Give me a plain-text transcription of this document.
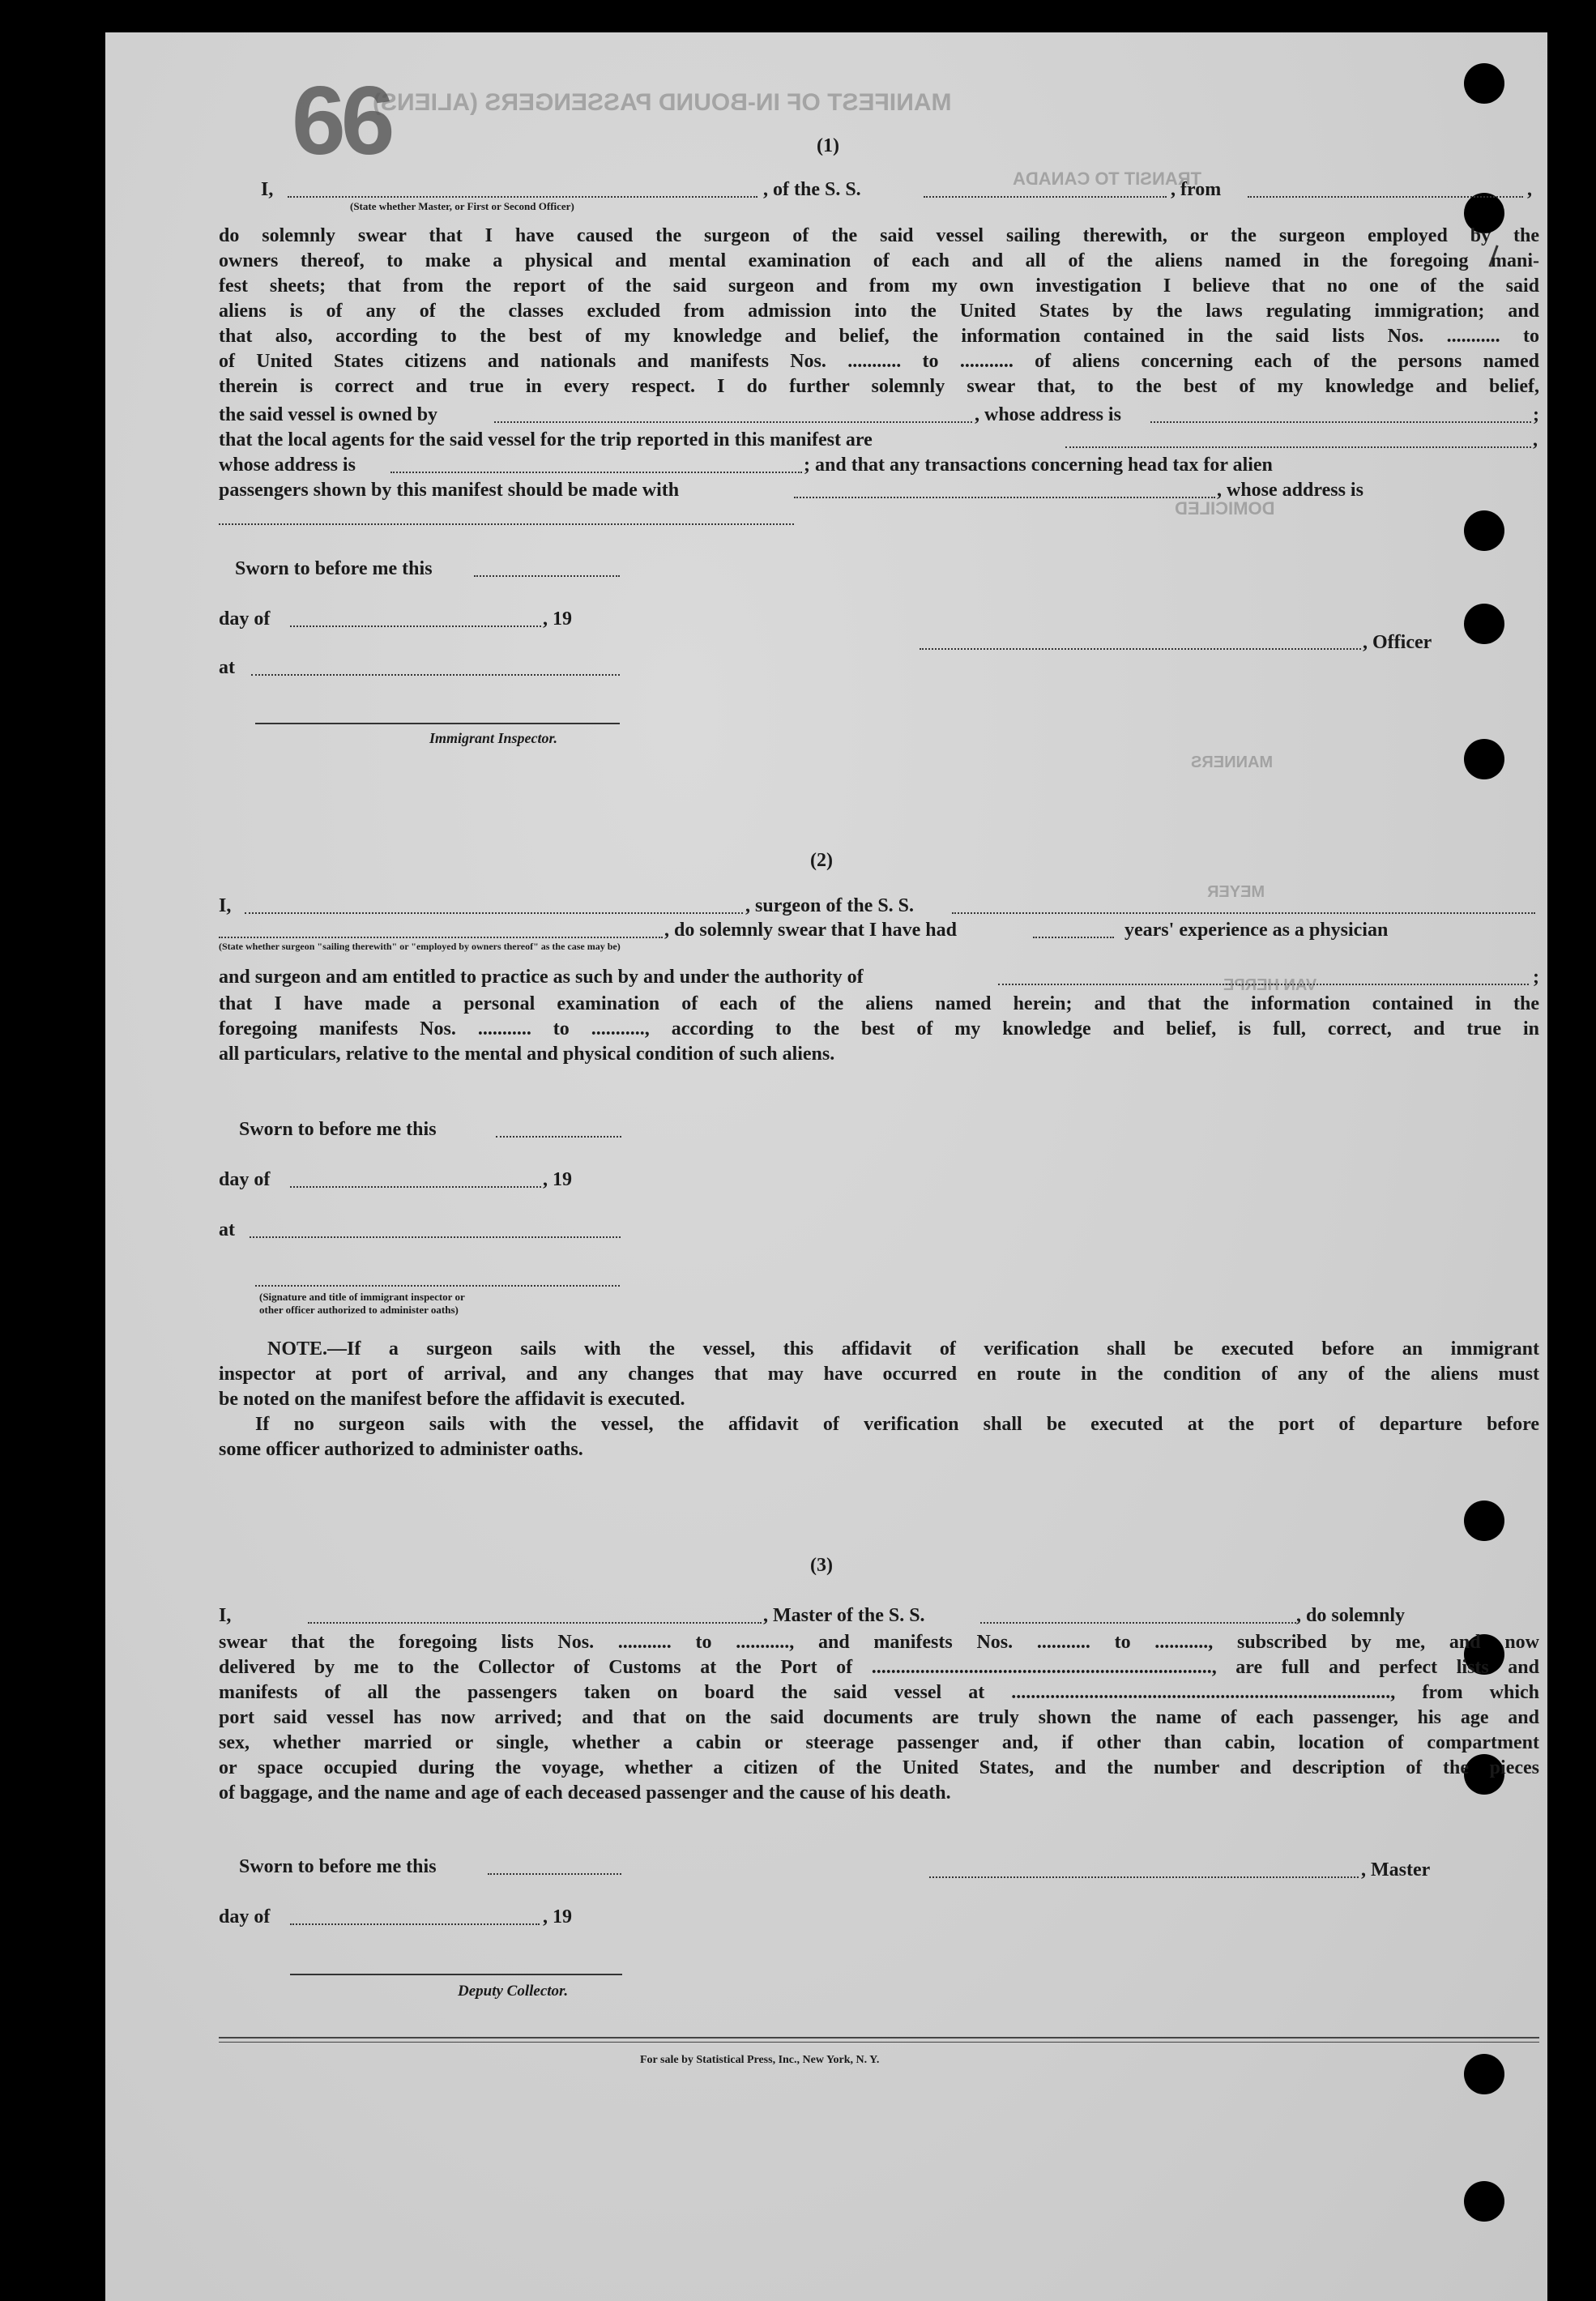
MANIFEST OF IN-BOUND PASSENGERS (ALIENS)
TRANSIT TO CANADA
DOMICILED
MANNERS
MEYER
VAN HERPE
66	(1)
I,	, of the S. S.	, from	,
(State whether Master, or First or Second Officer)
do solemnly swear that I have caused the surgeon of the said vessel sailing therewith, or the surgeon employed by the
owners thereof, to make a physical and mental examination of each and all of the aliens named in the foregoing mani-
fest sheets; that from the report of the said surgeon and from my own investigation I believe that no one of the said
aliens is of any of the classes excluded from admission into the United States by the laws regulating immigration; and
that also, according to the best of my knowledge and belief, the information contained in the said lists Nos. ........... to
of United States citizens and nationals and manifests Nos. ........... to ........... of aliens concerning each of the persons named
therein is correct and true in every respect. I do further solemnly swear that, to the best of my knowledge and belief,
the said vessel is owned by	, whose address is	;
that the local agents for the said vessel for the trip reported in this manifest are	,
whose address is	; and that any transactions concerning head tax for alien
passengers shown by this manifest should be made with	, whose address is
Sworn to before me this
day of	, 19
at
Immigrant Inspector.
, Officer
(2)
I,	, surgeon of the S. S.
, do solemnly swear that I have had	years' experience as a physician
(State whether surgeon "sailing therewith" or "employed by owners thereof" as the case may be)
and surgeon and am entitled to practice as such by and under the authority of	;
that I have made a personal examination of each of the aliens named herein; and that the information contained in the
foregoing manifests Nos. ........... to ..........., according to the best of my knowledge and belief, is full, correct, and true in
all particulars, relative to the mental and physical condition of such aliens.
Sworn to before me this
day of	, 19
at
(Signature and title of immigrant inspector or
other officer authorized to administer oaths)
NOTE.—If a surgeon sails with the vessel, this affidavit of verification shall be executed before an immigrant
inspector at port of arrival, and any changes that may have occurred en route in the condition of any of the aliens must
be noted on the manifest before the affidavit is executed.
If no surgeon sails with the vessel, the affidavit of verification shall be executed at the port of departure before
some officer authorized to administer oaths.
(3)
I,	, Master of the S. S.	, do solemnly
swear that the foregoing lists Nos. ........... to ..........., and manifests Nos. ........... to ..........., subscribed by me, and now
delivered by me to the Collector of Customs at the Port of ......................................................................, are full and perfect lists and
manifests of all the passengers taken on board the said vessel at .............................................................................., from which
port said vessel has now arrived; and that on the said documents are truly shown the name of each passenger, his age and
sex, whether married or single, whether a cabin or steerage passenger and, if other than cabin, location of compartment
or space occupied during the voyage, whether a citizen of the United States, and the number and description of the pieces
of baggage, and the name and age of each deceased passenger and the cause of his death.
Sworn to before me this	, Master
day of	, 19
Deputy Collector.
For sale by Statistical Press, Inc., New York, N. Y.
